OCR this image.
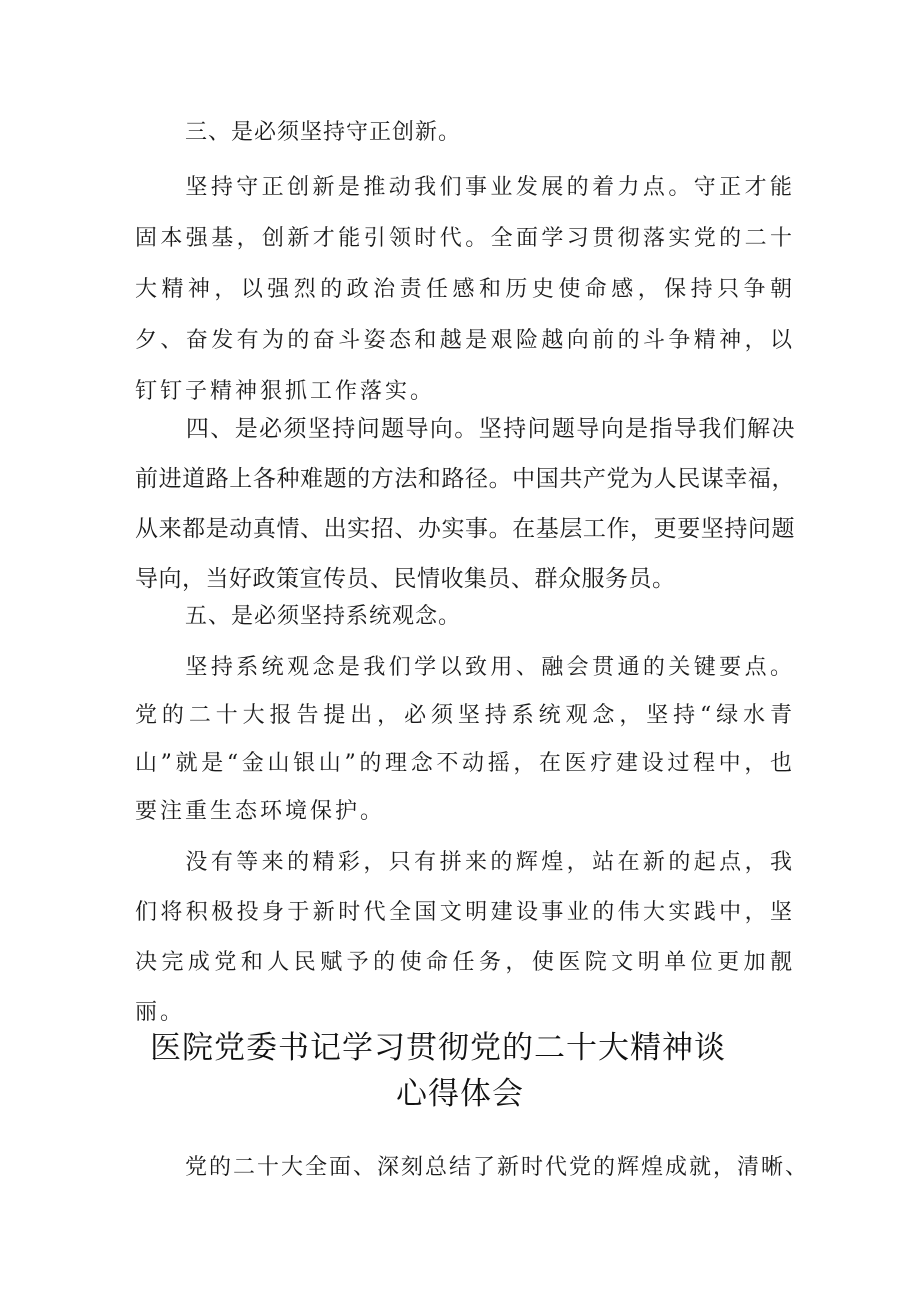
三、是必须坚持守正创新。
坚持守正创新是推动我们事业发展的着力点。守正才能固本强基，创新才能引领时代。全面学习贯彻落实党的二十大精神，以强烈的政治责任感和历史使命感，保持只争朝夕、奋发有为的奋斗姿态和越是艰险越向前的斗争精神，以钉钉子精神狠抓工作落实。
四、是必须坚持问题导向。坚持问题导向是指导我们解决前进道路上各种难题的方法和路径。中国共产党为人民谋幸福，从来都是动真情、出实招、办实事。在基层工作，更要坚持问题导向，当好政策宣传员、民情收集员、群众服务员。
五、是必须坚持系统观念。
坚持系统观念是我们学以致用、融会贯通的关键要点。党的二十大报告提出，必须坚持系统观念，坚持“绿水青山”就是“金山银山”的理念不动摇，在医疗建设过程中，也要注重生态环境保护。
没有等来的精彩，只有拼来的辉煌，站在新的起点，我们将积极投身于新时代全国文明建设事业的伟大实践中，坚决完成党和人民赋予的使命任务，使医院文明单位更加靓丽。
医院党委书记学习贯彻党的二十大精神谈
心得体会
党的二十大全面、深刻总结了新时代党的辉煌成就，清晰、
